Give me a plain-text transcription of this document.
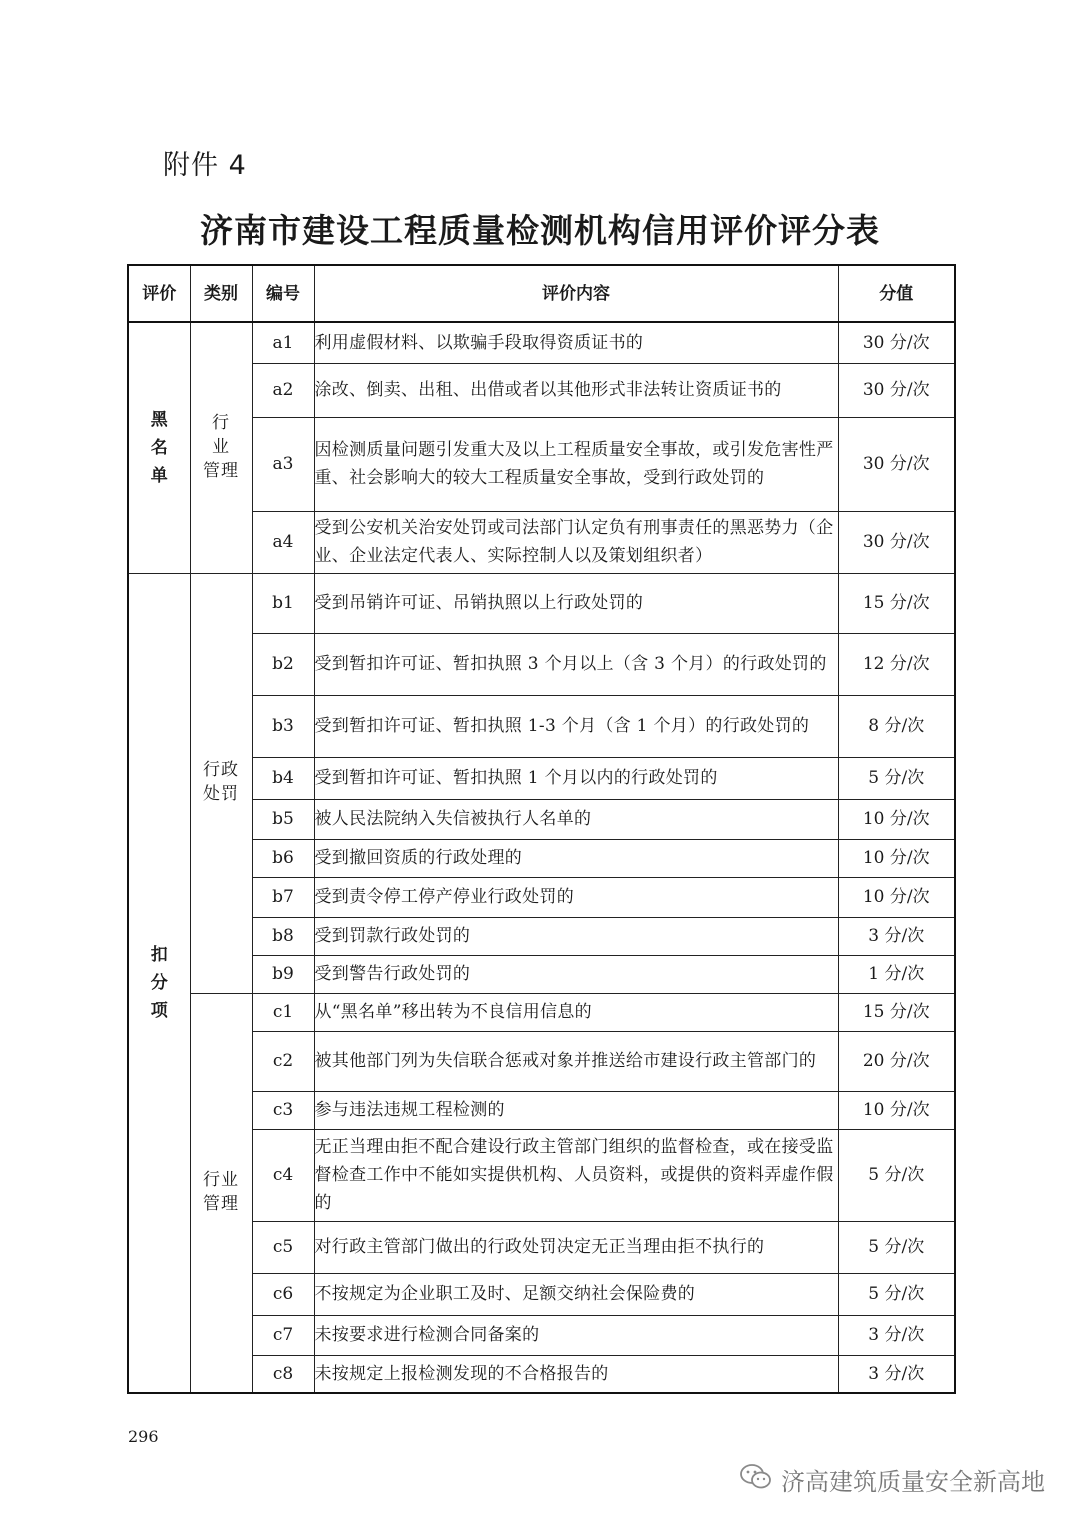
附件 4
济南市建设工程质量检测机构信用评价评分表
评价	类别	编号	评价内容	分值
黑名单	行 业 管理	a1	利用虚假材料、以欺骗手段取得资质证书的	30 分/次
		a2	涂改、倒卖、出租、出借或者以其他形式非法转让资质证书的	30 分/次
		a3	因检测质量问题引发重大及以上工程质量安全事故，或引发危害性严重、社会影响大的较大工程质量安全事故，受到行政处罚的	30 分/次
		a4	受到公安机关治安处罚或司法部门认定负有刑事责任的黑恶势力（企业、企业法定代表人、实际控制人以及策划组织者）	30 分/次
扣分项	行政 处罚	b1	受到吊销许可证、吊销执照以上行政处罚的	15 分/次
		b2	受到暂扣许可证、暂扣执照 3 个月以上（含 3 个月）的行政处罚的	12 分/次
		b3	受到暂扣许可证、暂扣执照 1-3 个月（含 1 个月）的行政处罚的	8 分/次
		b4	受到暂扣许可证、暂扣执照 1 个月以内的行政处罚的	5 分/次
		b5	被人民法院纳入失信被执行人名单的	10 分/次
		b6	受到撤回资质的行政处理的	10 分/次
		b7	受到责令停工停产停业行政处罚的	10 分/次
		b8	受到罚款行政处罚的	3 分/次
		b9	受到警告行政处罚的	1 分/次
	行业 管理	c1	从“黑名单”移出转为不良信用信息的	15 分/次
		c2	被其他部门列为失信联合惩戒对象并推送给市建设行政主管部门的	20 分/次
		c3	参与违法违规工程检测的	10 分/次
		c4	无正当理由拒不配合建设行政主管部门组织的监督检查，或在接受监督检查工作中不能如实提供机构、人员资料，或提供的资料弄虚作假的	5 分/次
		c5	对行政主管部门做出的行政处罚决定无正当理由拒不执行的	5 分/次
		c6	不按规定为企业职工及时、足额交纳社会保险费的	5 分/次
		c7	未按要求进行检测合同备案的	3 分/次
		c8	未按规定上报检测发现的不合格报告的	3 分/次
296
济高建筑质量安全新高地
